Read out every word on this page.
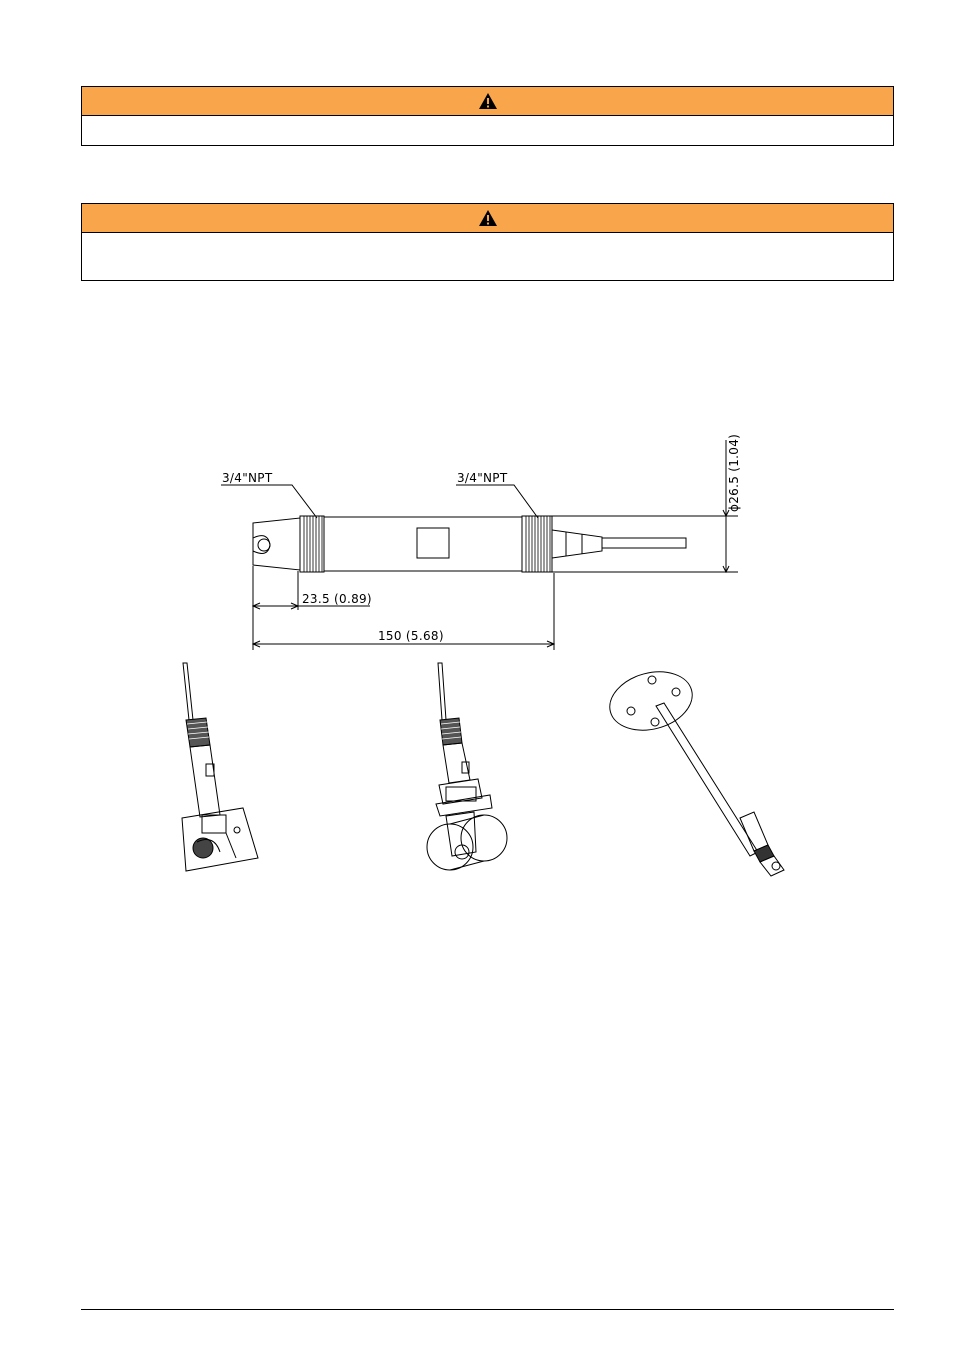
3/4"NPT	3/4"NPT	ϕ26.5 (1.04)
23.5 (0.89)
150 (5.68)
